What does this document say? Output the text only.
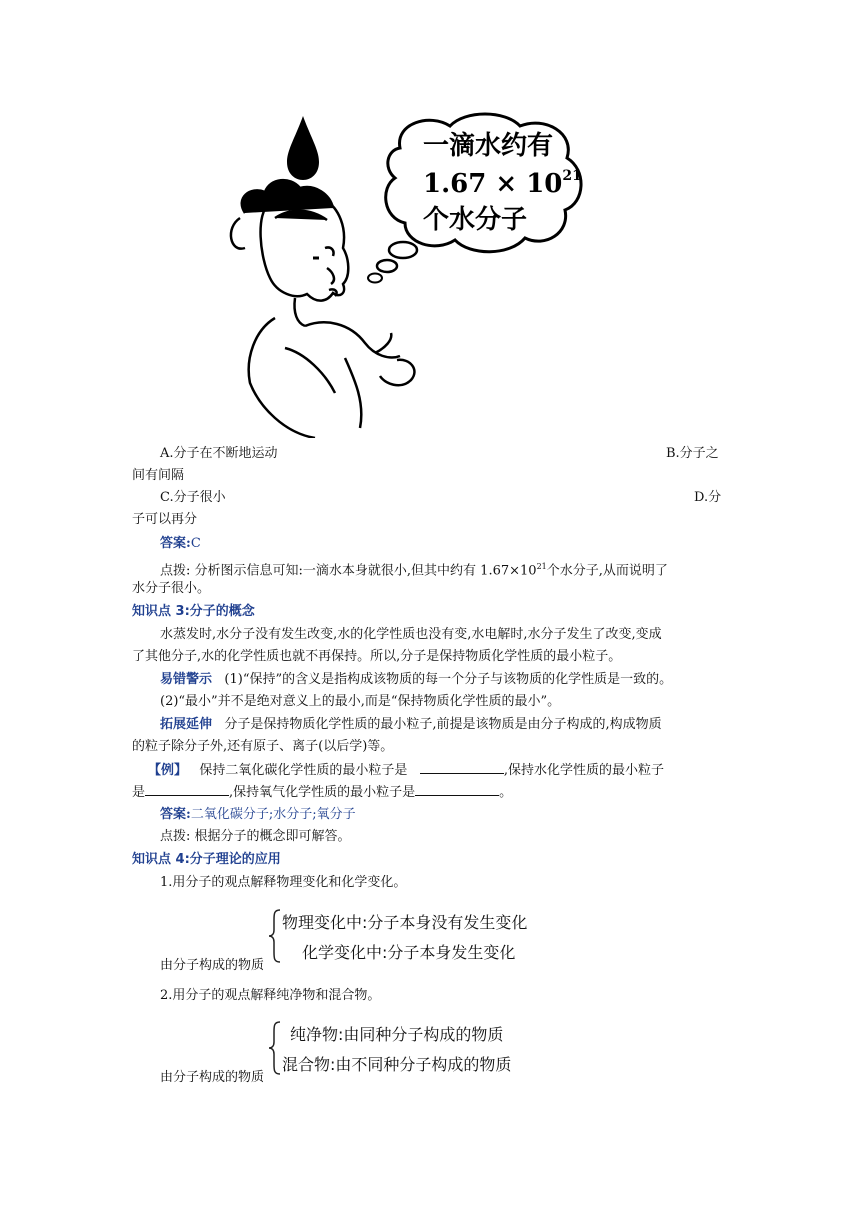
一滴水约有
$1.67 \times 10^{21}$
个水分子
A.分子在不断地运动	B.分子之
间有间隔
C.分子很小	D.分
子可以再分
答案:C
点拨: 分析图示信息可知:一滴水本身就很小,但其中约有 $1.67\times 10^{21}$个水分子,从而说明了
水分子很小。
知识点 3:分子的概念
水蒸发时,水分子没有发生改变,水的化学性质也没有变,水电解时,水分子发生了改变,变成
了其他分子,水的化学性质也就不再保持。所以,分子是保持物质化学性质的最小粒子。
易错警示 (1)“保持”的含义是指构成该物质的每一个分子与该物质的化学性质是一致的。
(2)“最小”并不是绝对意义上的最小,而是“保持物质化学性质的最小”。
拓展延伸 分子是保持物质化学性质的最小粒子,前提是该物质是由分子构成的,构成物质
的粒子除分子外,还有原子、离子(以后学)等。
【例】 保持二氧化碳化学性质的最小粒子是	,保持水化学性质的最小粒子
是	,保持氧气化学性质的最小粒子是	。
答案:二氧化碳分子;水分子;氧分子
点拨: 根据分子的概念即可解答。
知识点 4:分子理论的应用
1.用分子的观点解释物理变化和化学变化。
物理变化中:分子本身没有发生变化
化学变化中:分子本身发生变化
由分子构成的物质
2.用分子的观点解释纯净物和混合物。
纯净物:由同种分子构成的物质
混合物:由不同种分子构成的物质
由分子构成的物质
